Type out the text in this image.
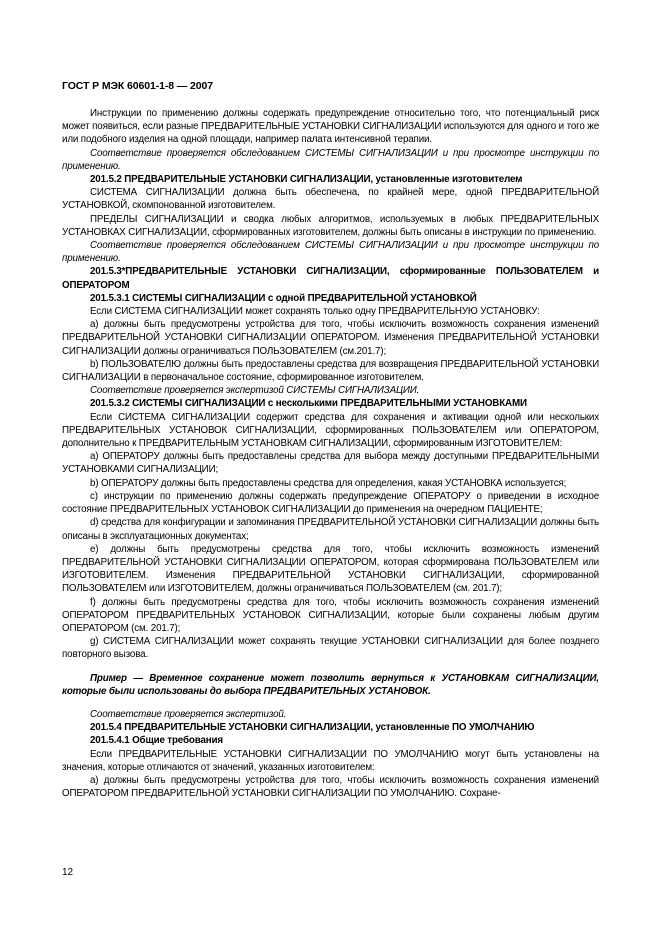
ГОСТ Р МЭК 60601-1-8 — 2007

Инструкции по применению должны содержать предупреждение относительно того, что потенциальный риск может появиться, если разные ПРЕДВАРИТЕЛЬНЫЕ УСТАНОВКИ СИГНАЛИЗАЦИИ используются для одного и того же или подобного изделия на одной площади, например палата интенсивной терапии.

Соответствие проверяется обследованием СИСТЕМЫ СИГНАЛИЗАЦИИ и при просмотре инструкции по применению.

201.5.2 ПРЕДВАРИТЕЛЬНЫЕ УСТАНОВКИ СИГНАЛИЗАЦИИ, установленные изготовителем

СИСТЕМА СИГНАЛИЗАЦИИ должна быть обеспечена, по крайней мере, одной ПРЕДВАРИТЕЛЬНОЙ УСТАНОВКОЙ, скомпонованной изготовителем.

ПРЕДЕЛЫ СИГНАЛИЗАЦИИ и сводка любых алгоритмов, используемых в любых ПРЕДВАРИТЕЛЬНЫХ УСТАНОВКАХ СИГНАЛИЗАЦИИ, сформированных изготовителем, должны быть описаны в инструкции по применению.

Соответствие проверяется обследованием СИСТЕМЫ СИГНАЛИЗАЦИИ и при просмотре инструкции по применению.

201.5.3*ПРЕДВАРИТЕЛЬНЫЕ УСТАНОВКИ СИГНАЛИЗАЦИИ, сформированные ПОЛЬЗОВАТЕЛЕМ и ОПЕРАТОРОМ

201.5.3.1 СИСТЕМЫ СИГНАЛИЗАЦИИ с одной ПРЕДВАРИТЕЛЬНОЙ УСТАНОВКОЙ

Если СИСТЕМА СИГНАЛИЗАЦИИ может сохранять только одну ПРЕДВАРИТЕЛЬНУЮ УСТАНОВКУ:

а) должны быть предусмотрены устройства для того, чтобы исключить возможность сохранения изменений ПРЕДВАРИТЕЛЬНОЙ УСТАНОВКИ СИГНАЛИЗАЦИИ ОПЕРАТОРОМ. Изменения ПРЕДВАРИТЕЛЬНОЙ УСТАНОВКИ СИГНАЛИЗАЦИИ должны ограничиваться ПОЛЬЗОВАТЕЛЕМ (см.201.7);

b) ПОЛЬЗОВАТЕЛЮ должны быть предоставлены средства для возвращения ПРЕДВАРИТЕЛЬНОЙ УСТАНОВКИ СИГНАЛИЗАЦИИ в первоначальное состояние, сформированное изготовителем.

Соответствие проверяется экспертизой СИСТЕМЫ СИГНАЛИЗАЦИИ.

201.5.3.2 СИСТЕМЫ СИГНАЛИЗАЦИИ с несколькими ПРЕДВАРИТЕЛЬНЫМИ УСТАНОВКАМИ

Если СИСТЕМА СИГНАЛИЗАЦИИ содержит средства для сохранения и активации одной или нескольких ПРЕДВАРИТЕЛЬНЫХ УСТАНОВОК СИГНАЛИЗАЦИИ, сформированных ПОЛЬЗОВАТЕЛЕМ или ОПЕРАТОРОМ, дополнительно к ПРЕДВАРИТЕЛЬНЫМ УСТАНОВКАМ СИГНАЛИЗАЦИИ, сформированным ИЗГОТОВИТЕЛЕМ:

а) ОПЕРАТОРУ должны быть предоставлены средства для выбора между доступными ПРЕДВАРИТЕЛЬНЫМИ УСТАНОВКАМИ СИГНАЛИЗАЦИИ;

b) ОПЕРАТОРУ должны быть предоставлены средства для определения, какая УСТАНОВКА используется;

с) инструкции по применению должны содержать предупреждение ОПЕРАТОРУ о приведении в исходное состояние ПРЕДВАРИТЕЛЬНЫХ УСТАНОВОК СИГНАЛИЗАЦИИ до применения на очередном ПАЦИЕНТЕ;

d) средства для конфигурации и запоминания ПРЕДВАРИТЕЛЬНОЙ УСТАНОВКИ СИГНАЛИЗАЦИИ должны быть описаны в эксплуатационных документах;

е) должны быть предусмотрены средства для того, чтобы исключить возможность изменений ПРЕДВАРИТЕЛЬНОЙ УСТАНОВКИ СИГНАЛИЗАЦИИ ОПЕРАТОРОМ, которая сформирована ПОЛЬЗОВАТЕЛЕМ или ИЗГОТОВИТЕЛЕМ. Изменения ПРЕДВАРИТЕЛЬНОЙ УСТАНОВКИ СИГНАЛИЗАЦИИ, сформированной ПОЛЬЗОВАТЕЛЕМ или ИЗГОТОВИТЕЛЕМ, должны ограничиваться ПОЛЬЗОВАТЕЛЕМ (см. 201.7);

f) должны быть предусмотрены средства для того, чтобы исключить возможность сохранения изменений ОПЕРАТОРОМ ПРЕДВАРИТЕЛЬНЫХ УСТАНОВОК СИГНАЛИЗАЦИИ, которые были сохранены любым другим ОПЕРАТОРОМ (см. 201.7);

g) СИСТЕМА СИГНАЛИЗАЦИИ может сохранять текущие УСТАНОВКИ СИГНАЛИЗАЦИИ для более позднего повторного вызова.

Пример — Временное сохранение может позволить вернуться к УСТАНОВКАМ СИГНАЛИЗАЦИИ, которые были использованы до выбора ПРЕДВАРИТЕЛЬНЫХ УСТАНОВОК.

Соответствие проверяется экспертизой.

201.5.4 ПРЕДВАРИТЕЛЬНЫЕ УСТАНОВКИ СИГНАЛИЗАЦИИ, установленные ПО УМОЛЧАНИЮ

201.5.4.1 Общие требования

Если ПРЕДВАРИТЕЛЬНЫЕ УСТАНОВКИ СИГНАЛИЗАЦИИ ПО УМОЛЧАНИЮ могут быть установлены на значения, которые отличаются от значений, указанных изготовителем:

а) должны быть предусмотрены устройства для того, чтобы исключить возможность сохранения изменений ОПЕРАТОРОМ ПРЕДВАРИТЕЛЬНОЙ УСТАНОВКИ СИГНАЛИЗАЦИИ ПО УМОЛЧАНИЮ. Сохране-

12
